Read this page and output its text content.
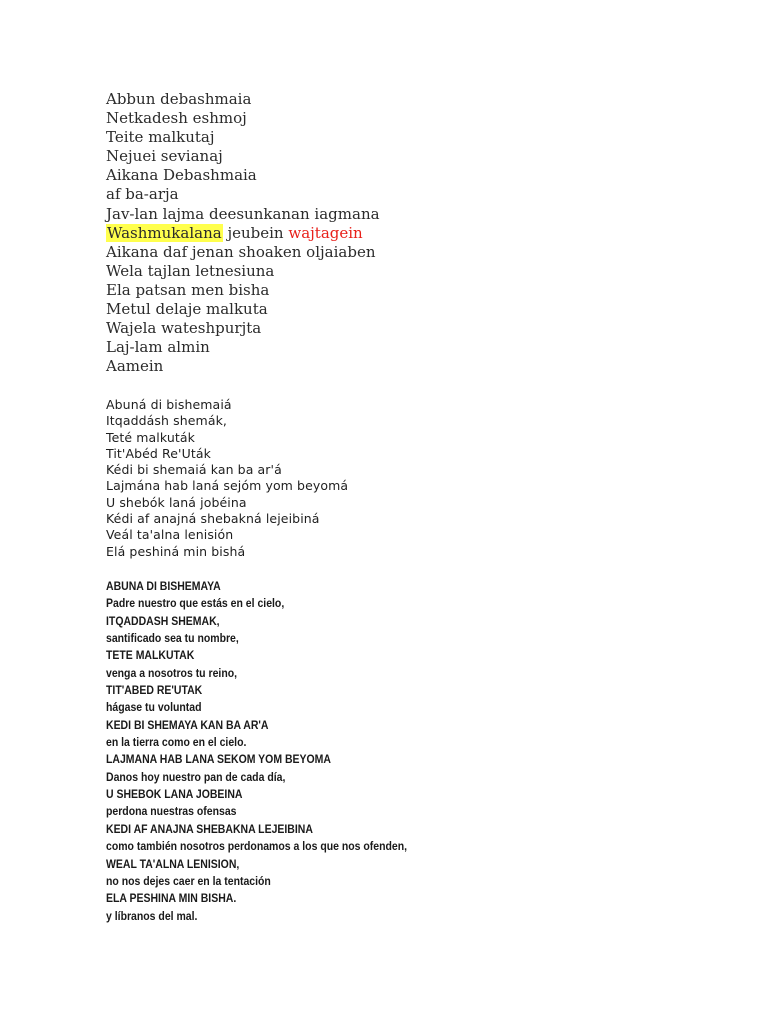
Abbun debashmaia
Netkadesh eshmoj
Teite malkutaj
Nejuei sevianaj
Aikana Debashmaia
af ba-arja
Jav-lan lajma deesunkanan iagmana
Washmukalana jeubein wajtagein
Aikana daf jenan shoaken oljaiaben
Wela tajlan letnesiuna
Ela patsan men bisha
Metul delaje malkuta
Wajela wateshpurjta
Laj-lam almin
Aamein
Abuná di bishemaiá
Itqaddásh shemák,
Teté malkuták
Tit'Abéd Re'Uták
Kédi bi shemaiá kan ba ar'á
Lajmána hab laná sejóm yom beyomá
U shebók laná jobéina
Kédi af anajná shebakná lejeibiná
Veál ta'alna lenisión
Elá peshiná min bishá
ABUNA DI BISHEMAYA
Padre nuestro que estás en el cielo,
ITQADDASH SHEMAK,
santificado sea tu nombre,
TETE MALKUTAK
venga a nosotros tu reino,
TIT'ABED RE'UTAK
hágase tu voluntad
KEDI BI SHEMAYA KAN BA AR'A
en la tierra como en el cielo.
LAJMANA HAB LANA SEKOM YOM BEYOMA
Danos hoy nuestro pan de cada día,
U SHEBOK LANA JOBEINA
perdona nuestras ofensas
KEDI AF ANAJNA SHEBAKNA LEJEIBINA
como también nosotros perdonamos a los que nos ofenden,
WEAL TA'ALNA LENISION,
no nos dejes caer en la tentación
ELA PESHINA MIN BISHA.
y líbranos del mal.
